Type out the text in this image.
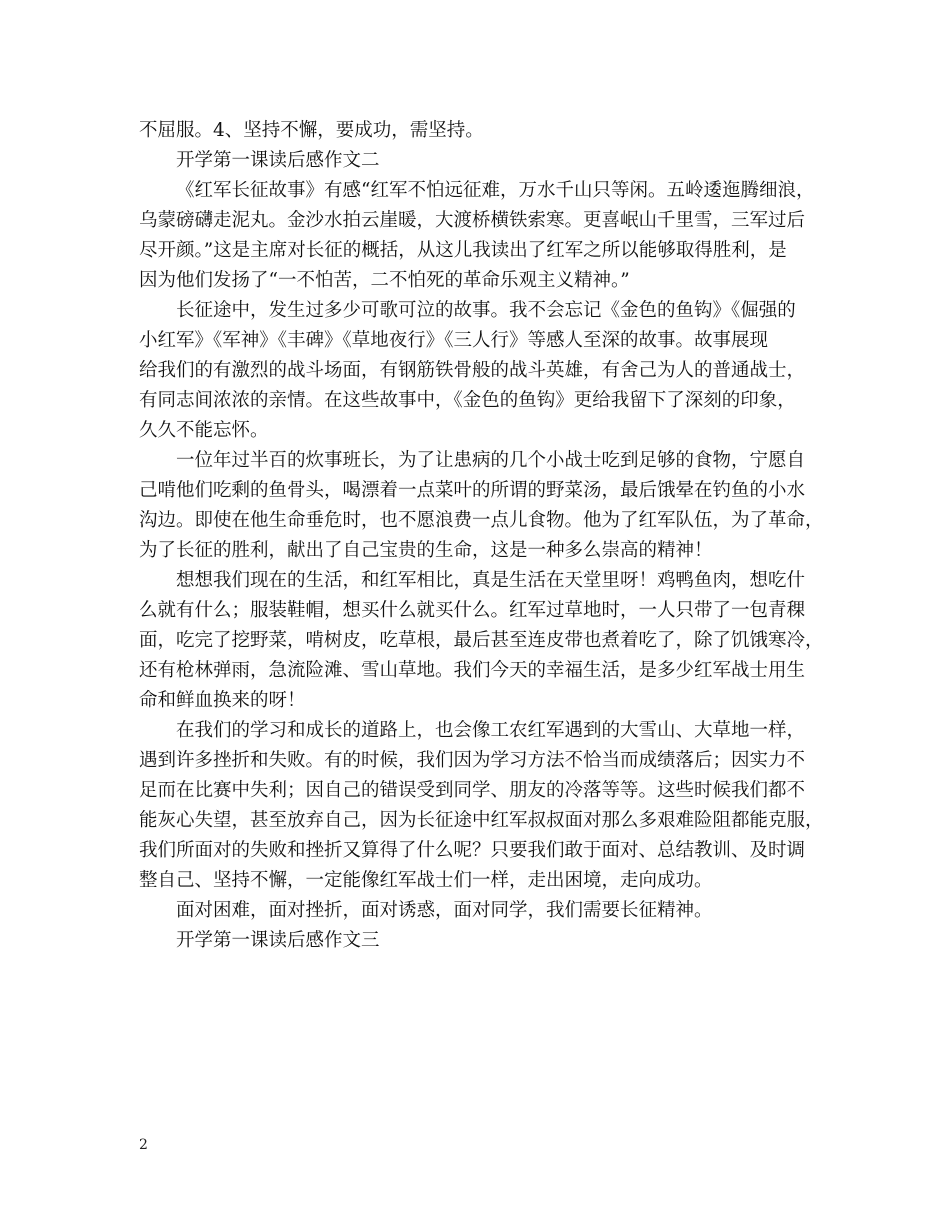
不屈服。4、坚持不懈，要成功，需坚持。
开学第一课读后感作文二
《红军长征故事》有感“红军不怕远征难，万水千山只等闲。五岭逶迤腾细浪，
乌蒙磅礴走泥丸。金沙水拍云崖暖，大渡桥横铁索寒。更喜岷山千里雪，三军过后
尽开颜。”这是主席对长征的概括，从这儿我读出了红军之所以能够取得胜利，是
因为他们发扬了“一不怕苦，二不怕死的革命乐观主义精神。”
长征途中，发生过多少可歌可泣的故事。我不会忘记《金色的鱼钩》《倔强的
小红军》《军神》《丰碑》《草地夜行》《三人行》等感人至深的故事。故事展现
给我们的有激烈的战斗场面，有钢筋铁骨般的战斗英雄，有舍己为人的普通战士，
有同志间浓浓的亲情。在这些故事中，《金色的鱼钩》更给我留下了深刻的印象，
久久不能忘怀。
一位年过半百的炊事班长，为了让患病的几个小战士吃到足够的食物，宁愿自
己啃他们吃剩的鱼骨头，喝漂着一点菜叶的所谓的野菜汤，最后饿晕在钓鱼的小水
沟边。即使在他生命垂危时，也不愿浪费一点儿食物。他为了红军队伍，为了革命，
为了长征的胜利，献出了自己宝贵的生命，这是一种多么崇高的精神！
想想我们现在的生活，和红军相比，真是生活在天堂里呀！鸡鸭鱼肉，想吃什
么就有什么；服装鞋帽，想买什么就买什么。红军过草地时，一人只带了一包青稞
面，吃完了挖野菜，啃树皮，吃草根，最后甚至连皮带也煮着吃了，除了饥饿寒冷，
还有枪林弹雨，急流险滩、雪山草地。我们今天的幸福生活，是多少红军战士用生
命和鲜血换来的呀！
在我们的学习和成长的道路上，也会像工农红军遇到的大雪山、大草地一样，
遇到许多挫折和失败。有的时候，我们因为学习方法不恰当而成绩落后；因实力不
足而在比赛中失利；因自己的错误受到同学、朋友的冷落等等。这些时候我们都不
能灰心失望，甚至放弃自己，因为长征途中红军叔叔面对那么多艰难险阻都能克服，
我们所面对的失败和挫折又算得了什么呢？只要我们敢于面对、总结教训、及时调
整自己、坚持不懈，一定能像红军战士们一样，走出困境，走向成功。
面对困难，面对挫折，面对诱惑，面对同学，我们需要长征精神。
开学第一课读后感作文三
2
